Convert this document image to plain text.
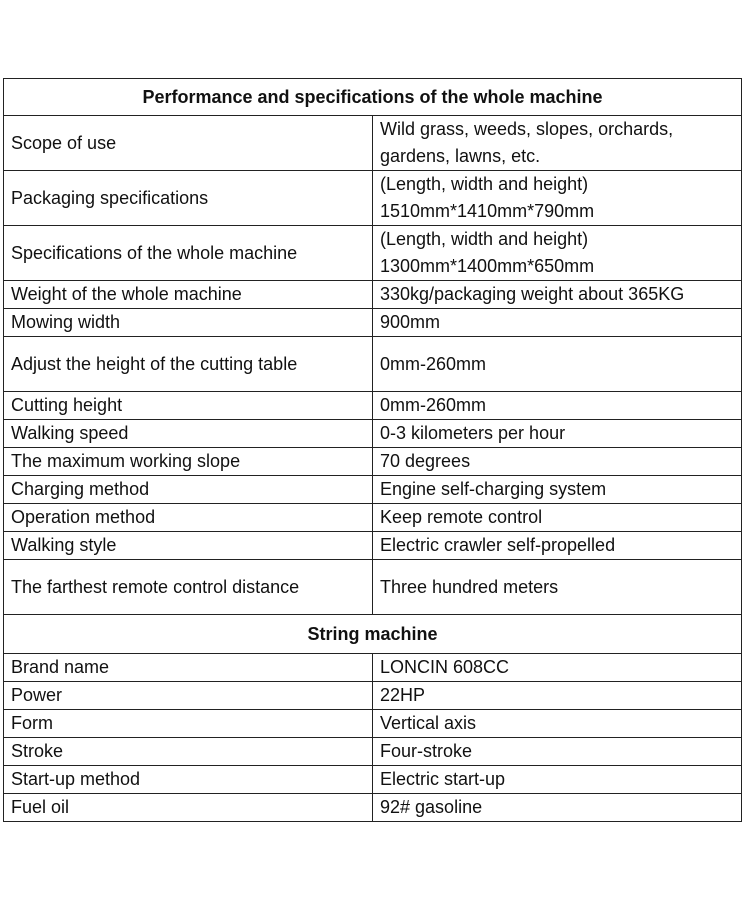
Performance and specifications of the whole machine	
Scope of use	Wild grass, weeds, slopes, orchards, gardens, lawns, etc.
Packaging specifications	(Length, width and height) 1510mm*1410mm*790mm
Specifications of the whole machine	(Length, width and height) 1300mm*1400mm*650mm
Weight of the whole machine	330kg/packaging weight about 365KG
Mowing width	900mm
Adjust the height of the cutting table	0mm-260mm
Cutting height	0mm-260mm
Walking speed	0-3 kilometers per hour
The maximum working slope	70 degrees
Charging method	Engine self-charging system
Operation method	Keep remote control
Walking style	Electric crawler self-propelled
The farthest remote control distance	Three hundred meters
String machine	
Brand name	LONCIN 608CC
Power	22HP
Form	Vertical axis
Stroke	Four-stroke
Start-up method	Electric start-up
Fuel oil	92# gasoline
